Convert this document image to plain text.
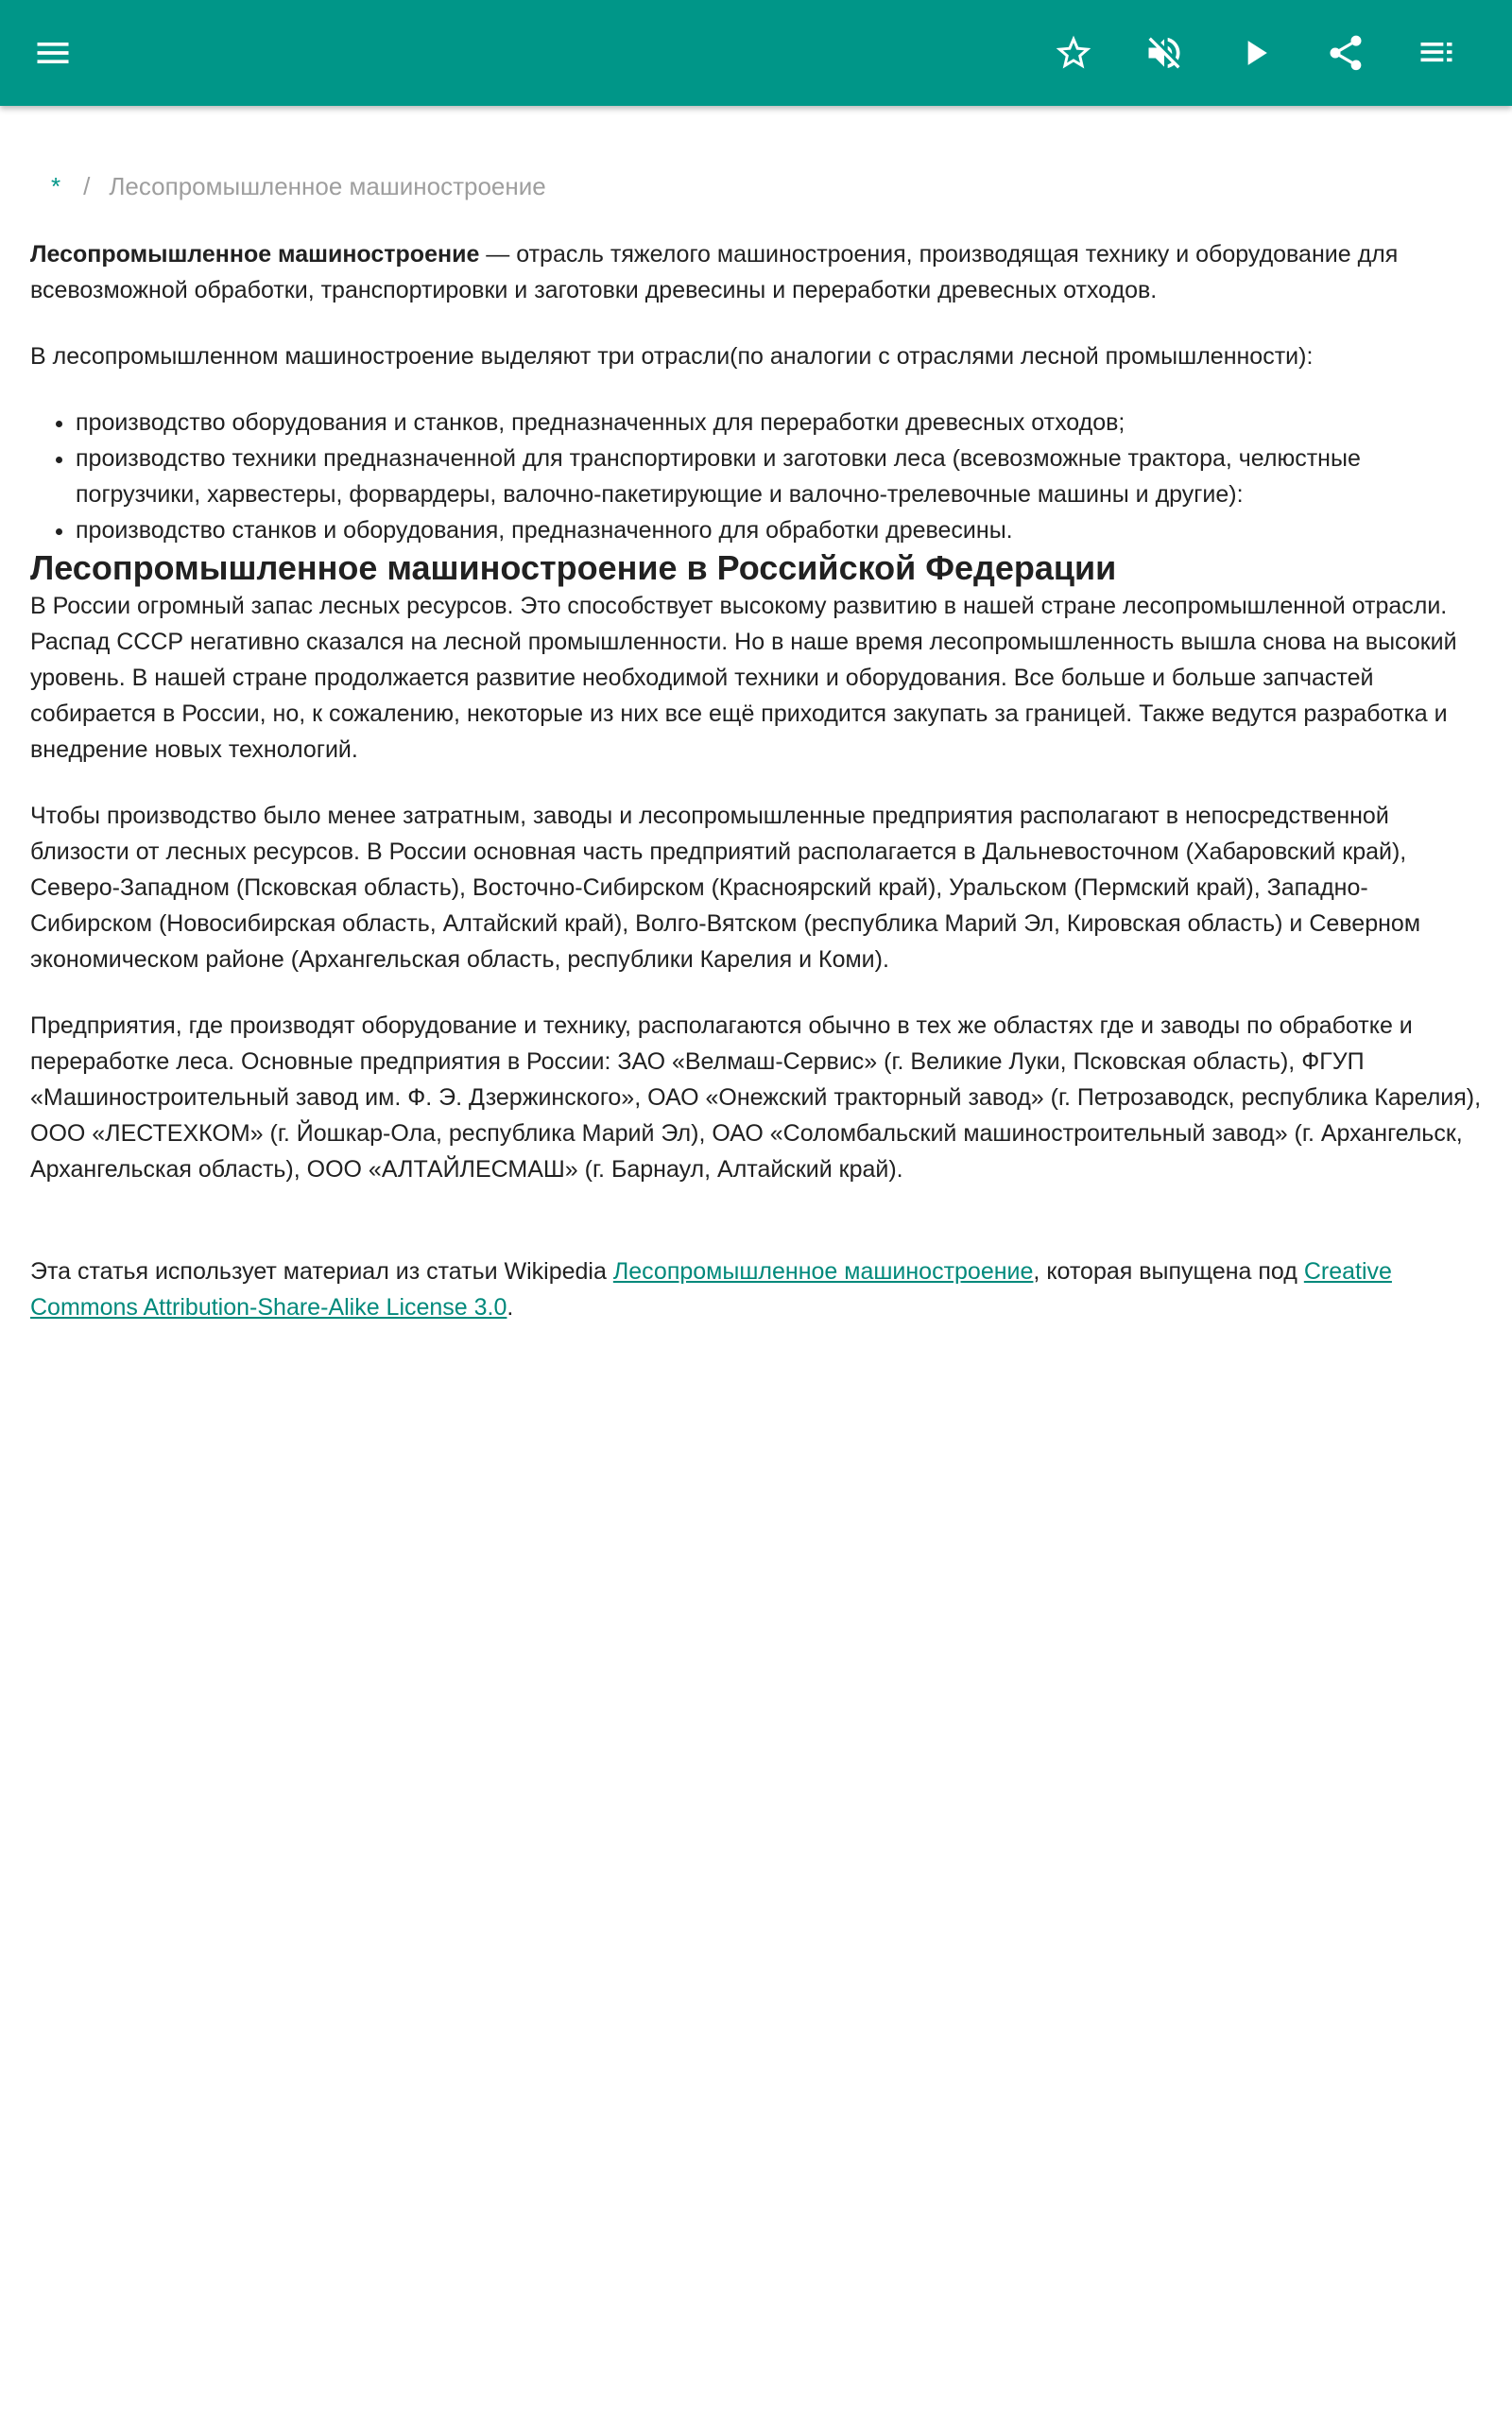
* / Лесопромышленное машиностроение

Лесопромышленное машиностроение — отрасль тяжелого машиностроения, производящая технику и оборудование для всевозможной обработки, транспортировки и заготовки древесины и переработки древесных отходов.

В лесопромышленном машиностроение выделяют три отрасли(по аналогии с отраслями лесной промышленности):

• производство оборудования и станков, предназначенных для переработки древесных отходов;
• производство техники предназначенной для транспортировки и заготовки леса (всевозможные трактора, челюстные погрузчики, харвестеры, форвардеры, валочно-пакетирующие и валочно-трелевочные машины и другие):
• производство станков и оборудования, предназначенного для обработки древесины.
Лесопромышленное машиностроение в Российской Федерации

В России огромный запас лесных ресурсов. Это способствует высокому развитию в нашей стране лесопромышленной отрасли. Распад СССР негативно сказался на лесной промышленности. Но в наше время лесопромышленность вышла снова на высокий уровень. В нашей стране продолжается развитие необходимой техники и оборудования. Все больше и больше запчастей собирается в России, но, к сожалению, некоторые из них все ещё приходится закупать за границей. Также ведутся разработка и внедрение новых технологий.

Чтобы производство было менее затратным, заводы и лесопромышленные предприятия располагают в непосредственной близости от лесных ресурсов. В России основная часть предприятий располагается в Дальневосточном (Хабаровский край), Северо-Западном (Псковская область), Восточно-Сибирском (Красноярский край), Уральском (Пермский край), Западно-Сибирском (Новосибирская область, Алтайский край), Волго-Вятском (республика Марий Эл, Кировская область) и Северном экономическом районе (Архангельская область, республики Карелия и Коми).

Предприятия, где производят оборудование и технику, располагаются обычно в тех же областях где и заводы по обработке и переработке леса. Основные предприятия в России: ЗАО «Велмаш-Сервис» (г. Великие Луки, Псковская область), ФГУП «Машиностроительный завод им. Ф. Э. Дзержинского», ОАО «Онежский тракторный завод» (г. Петрозаводск, республика Карелия), ООО «ЛЕСТЕХКОМ» (г. Йошкар-Ола, республика Марий Эл), ОАО «Соломбальский машиностроительный завод» (г. Архангельск, Архангельская область), ООО «АЛТАЙЛЕСМАШ» (г. Барнаул, Алтайский край).

Эта статья использует материал из статьи Wikipedia Лесопромышленное машиностроение, которая выпущена под Creative Commons Attribution-Share-Alike License 3.0.
